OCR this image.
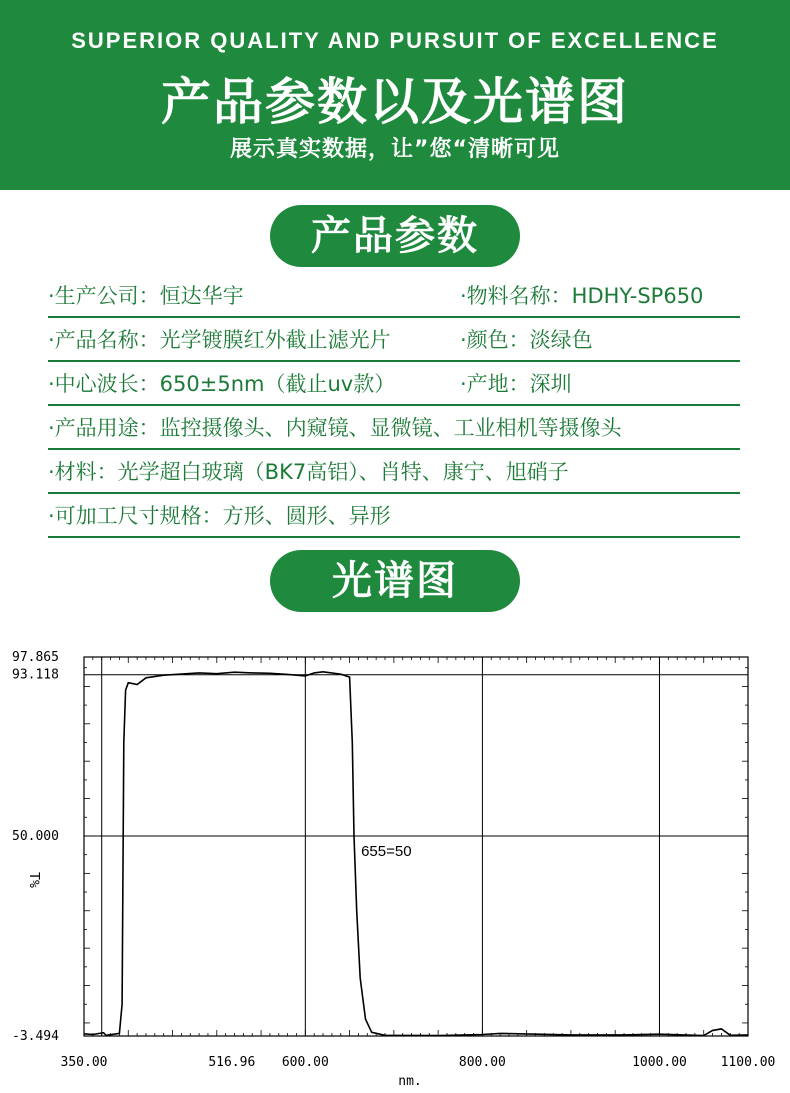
SUPERIOR QUALITY AND PURSUIT OF EXCELLENCE
产品参数以及光谱图
展示真实数据，让”您“清晰可见
产品参数
·生产公司：恒达华宇	·物料名称：HDHY-SP650
·产品名称：光学镀膜红外截止滤光片	·颜色：淡绿色
·中心波长：650±5nm（截止uv款）	·产地：深圳
·产品用途：监控摄像头、内窥镜、显微镜、工业相机等摄像头
·材料：光学超白玻璃（BK7高铝）、肖特、康宁、旭硝子
·可加工尺寸规格：方形、圆形、异形
光谱图
350.00	516.96 600.00	800.00	1000.00	1100.00
-3.494
50.000
93.118
97.865
655=50
nm.
T%
